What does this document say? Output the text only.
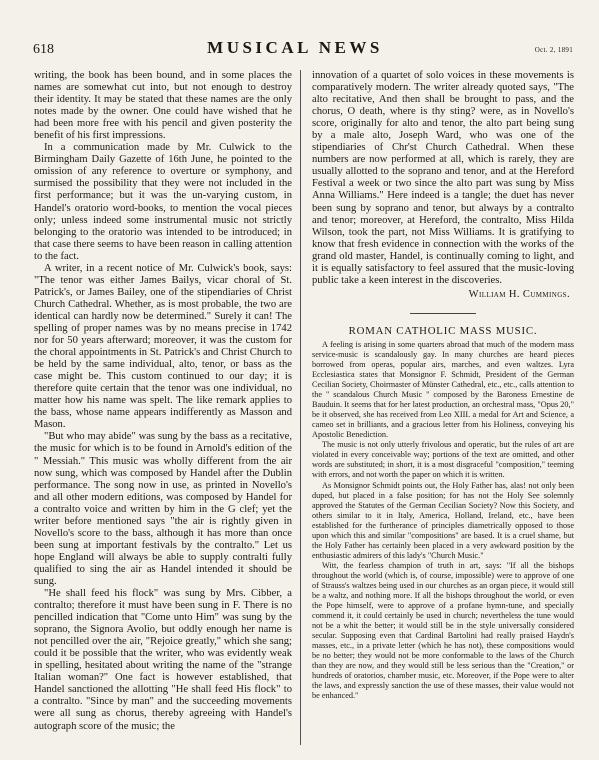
618	MUSICAL NEWS	Oct. 2, 1891

writing, the book has been bound, and in some places the names are somewhat cut into, but not enough to destroy their identity. It may be stated that these names are the only notes made by the owner. One could have wished that he had been more free with his pencil and given posterity the benefit of his first impressions.

In a communication made by Mr. Culwick to the Birmingham Daily Gazette of 16th June, he pointed to the omission of any reference to overture or symphony, and surmised the possibility that they were not included in the first performance; but it was the un-varying custom, in Handel's oratorio word-books, to mention the vocal pieces only; unless indeed some instrumental music not strictly belonging to the oratorio was intended to be introduced; in that case there seems to have been reason in calling attention to the fact.

A writer, in a recent notice of Mr. Culwick's book, says: "The tenor was either James Bailys, vicar choral of St. Patrick's, or James Bailey, one of the stipendiaries of Christ Church Cathedral. Whether, as is most probable, the two are identical can hardly now be determined." Surely it can! The spelling of proper names was by no means precise in 1742 nor for 50 years afterward; moreover, it was the custom for the choral appointments in St. Patrick's and Christ Church to be held by the same individual, alto, tenor, or bass as the case might be. This custom continued to our day; it is therefore quite certain that the tenor was one individual, no matter how his name was spelt. The like remark applies to the bass, whose name appears indifferently as Masson and Mason.

"But who may abide" was sung by the bass as a recitative, the music for which is to be found in Arnold's edition of the " Messiah." This music was wholly different from the air now sung, which was composed by Handel after the Dublin performance. The song now in use, as printed in Novello's and all other modern editions, was composed by Handel for a contralto voice and written by him in the G clef; yet the writer before mentioned says "the air is rightly given in Novello's score to the bass, although it has more than once been sung at important festivals by the contralto." Let us hope England will always be able to supply contralti fully qualified to sing the air as Handel intended it should be sung.

"He shall feed his flock" was sung by Mrs. Cibber, a contralto; therefore it must have been sung in F. There is no pencilled indication that "Come unto Him" was sung by the soprano, the Signora Avolio, but oddly enough her name is not pencilled over the air, "Rejoice greatly," which she sang; could it be possible that the writer, who was evidently weak in spelling, hesitated about writing the name of the "strange Italian woman?" One fact is however established, that Handel sanctioned the allotting "He shall feed His flock" to a contralto. "Since by man" and the succeeding movements were all sung as chorus, thereby agreeing with Handel's autograph score of the music; the

innovation of a quartet of solo voices in these movements is comparatively modern. The writer already quoted says, "The alto recitative, And then shall be brought to pass, and the chorus, O death, where is thy sting? were, as in Novello's score, originally for alto and tenor, the alto part being sung by a male alto, Joseph Ward, who was one of the stipendiaries of Chr'st Church Cathedral. When these numbers are now performed at all, which is rarely, they are usually allotted to the soprano and tenor, and at the Hereford Festival a week or two since the alto part was sung by Miss Anna Williams." Here indeed is a tangle; the duet has never been sung by soprano and tenor, but always by a contralto and tenor; moreover, at Hereford, the contralto, Miss Hilda Wilson, took the part, not Miss Williams. It is gratifying to know that fresh evidence in connection with the works of the grand old master, Handel, is continually coming to light, and it is equally satisfactory to feel assured that the music-loving public take a keen interest in the discoveries.

William H. Cummings.
ROMAN CATHOLIC MASS MUSIC.

A feeling is arising in some quarters abroad that much of the modern mass service-music is scandalously gay. In many churches are heard pieces borrowed from operas, popular airs, marches, and even waltzes. Lyra Ecclesiastica states that Monsignor F. Schmidt, President of the German Cecilian Society, Choirmaster of Münster Cathedral, etc., etc., calls attention to the " scandalous Church Music " composed by the Baroness Ernestine de Bauduin. It seems that for her latest production, an orchestral mass, "Opus 20," be it observed, she has received from Leo XIII. a medal for Art and Science, a cameo set in brilliants, and a gracious letter from his Holiness, conveying his Apostolic Benediction.

The music is not only utterly frivolous and operatic, but the rules of art are violated in every conceivable way; portions of the text are omitted, and other words are substituted; in short, it is a most disgraceful "composition," teeming with errors, and not worth the paper on which it is written.

As Monsignor Schmidt points out, the Holy Father has, alas! not only been duped, but placed in a false position; for has not the Holy See solemnly approved the Statutes of the German Cecilian Society? Now this Society, and others similar to it in Italy, America, Holland, Ireland, etc., have been established for the furtherance of principles diametrically opposed to those upon which this and similar "compositions" are based. It is a cruel shame, but the Holy Father has certainly been placed in a very awkward position by the enthusiastic admirers of this lady's "Church Music."

Witt, the fearless champion of truth in art, says: "If all the bishops throughout the world (which is, of course, impossible) were to approve of one of Strauss's waltzes being used in our churches as an organ piece, it would still be a waltz, and nothing more. If all the bishops throughout the world, or even the Pope himself, were to approve of a profane hymn-tune, and specially commend it, it could certainly be used in church; nevertheless the tune would not be a whit the better; it would still be in the style universally considered secular. Supposing even that Cardinal Bartolini had really praised Haydn's masses, etc., in a private letter (which he has not), these compositions would be no better; they would not be more conformable to the laws of the Church than they are now, and they would still be less serious than the "Creation," or hundreds of oratorios, chamber music, etc. Moreover, if the Pope were to alter the laws, and expressly sanction the use of these masses, their value would not be enhanced."
